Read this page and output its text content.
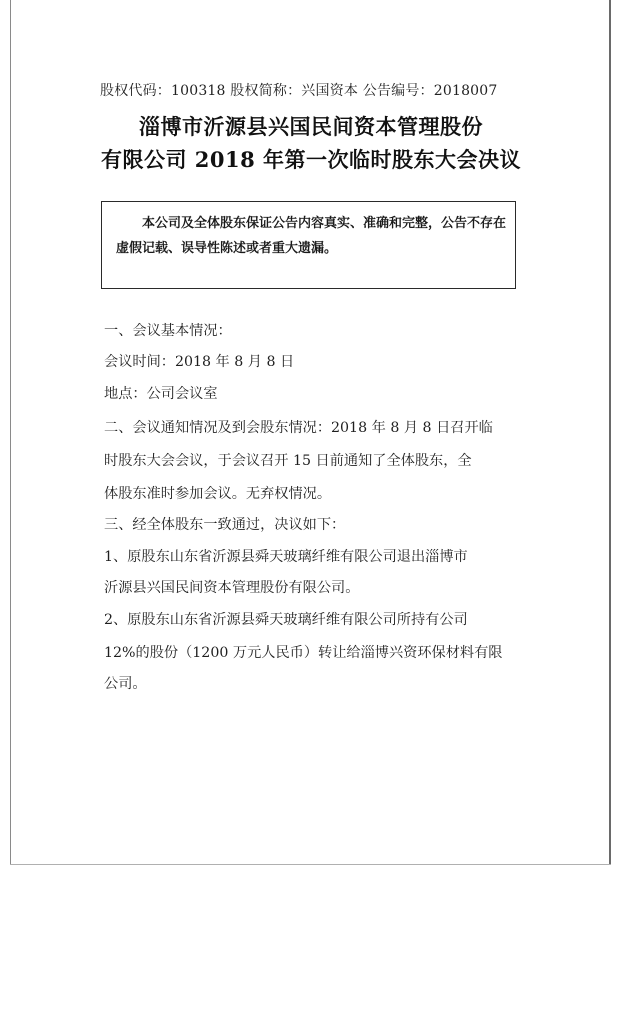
股权代码：100318 股权简称：兴国资本 公告编号：2018007
淄博市沂源县兴国民间资本管理股份
有限公司 2018 年第一次临时股东大会决议
本公司及全体股东保证公告内容真实、准确和完整，公告不存在虚假记载、误导性陈述或者重大遗漏。
一、会议基本情况：
会议时间：2018 年 8 月 8 日
地点：公司会议室
二、会议通知情况及到会股东情况：2018 年 8 月 8 日召开临
时股东大会会议，于会议召开 15 日前通知了全体股东，全
体股东准时参加会议。无弃权情况。
三、经全体股东一致通过，决议如下：
1、原股东山东省沂源县舜天玻璃纤维有限公司退出淄博市
沂源县兴国民间资本管理股份有限公司。
2、原股东山东省沂源县舜天玻璃纤维有限公司所持有公司
12%的股份（1200 万元人民币）转让给淄博兴资环保材料有限
公司。
